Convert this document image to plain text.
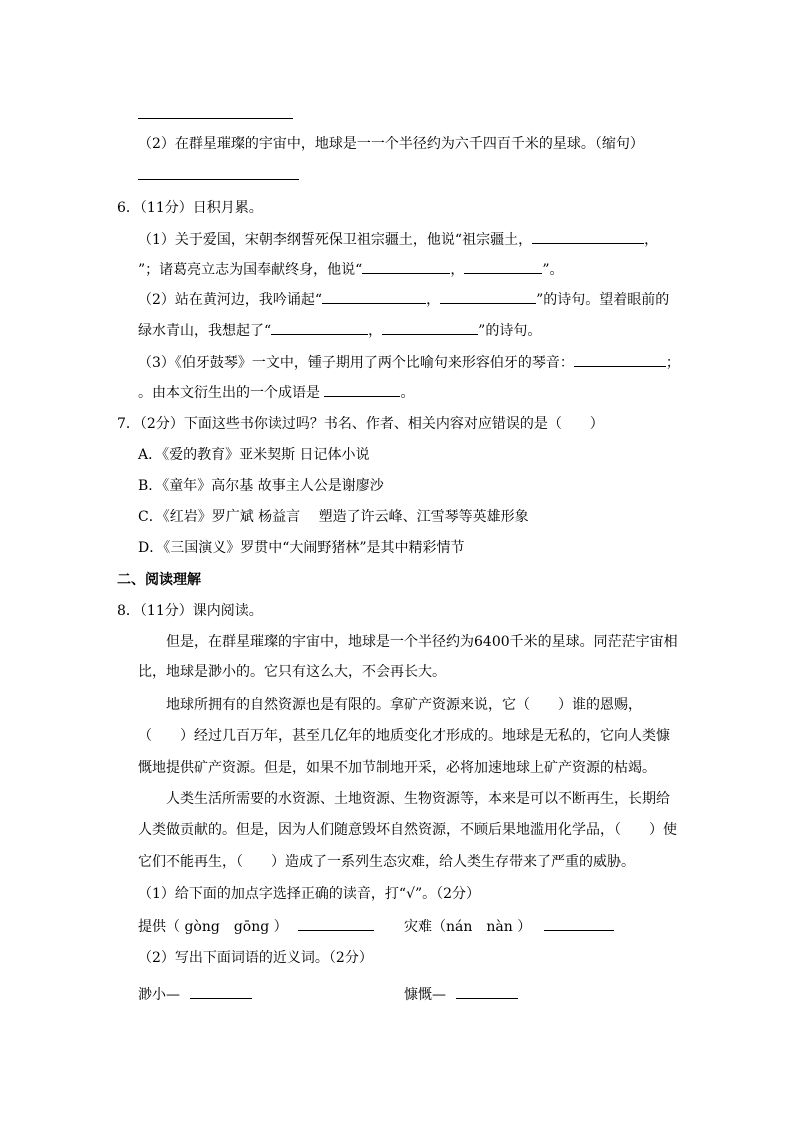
（2）在群星璀璨的宇宙中，地球是一一个半径约为六千四百千米的星球。（缩句）
6．（11分）日积月累。
（1）关于爱国，宋朝李纲誓死保卫祖宗疆土，他说“祖宗疆土，	，
”；诸葛亮立志为国奉献终身，他说“	，	”。
（2）站在黄河边，我吟诵起“	，	”的诗句。望着眼前的
绿水青山，我想起了“	，	”的诗句。
（3）《伯牙鼓琴》一文中，锺子期用了两个比喻句来形容伯牙的琴音：	；
。由本文衍生出的一个成语是	。
7．（2分）下面这些书你读过吗？书名、作者、相关内容对应错误的是（　　）
A．《爱的教育》亚米契斯 日记体小说
B．《童年》高尔基 故事主人公是谢廖沙
C．《红岩》罗广斌 杨益言　 塑造了许云峰、江雪琴等英雄形象
D．《三国演义》罗贯中“大闹野猪林”是其中精彩情节
二、阅读理解
8．（11分）课内阅读。
但是，在群星璀璨的宇宙中，地球是一个半径约为6400千米的星球。同茫茫宇宙相
比，地球是渺小的。它只有这么大，不会再长大。
地球所拥有的自然资源也是有限的。拿矿产资源来说，它（　　）谁的恩赐，
（　　）经过几百万年，甚至几亿年的地质变化才形成的。地球是无私的，它向人类慷
慨地提供矿产资源。但是，如果不加节制地开采，必将加速地球上矿产资源的枯竭。
人类生活所需要的水资源、土地资源、生物资源等，本来是可以不断再生，长期给
人类做贡献的。但是，因为人们随意毁坏自然资源，不顾后果地滥用化学品，（　　）使
它们不能再生，（　　）造成了一系列生态灾难，给人类生存带来了严重的威胁。
（1）给下面的加点字选择正确的读音，打“√”。（2分）
提供（ gòng　gōng ）	灾难（nán　nàn ）
（2）写出下面词语的近义词。（2分）
渺小—	慷慨—
